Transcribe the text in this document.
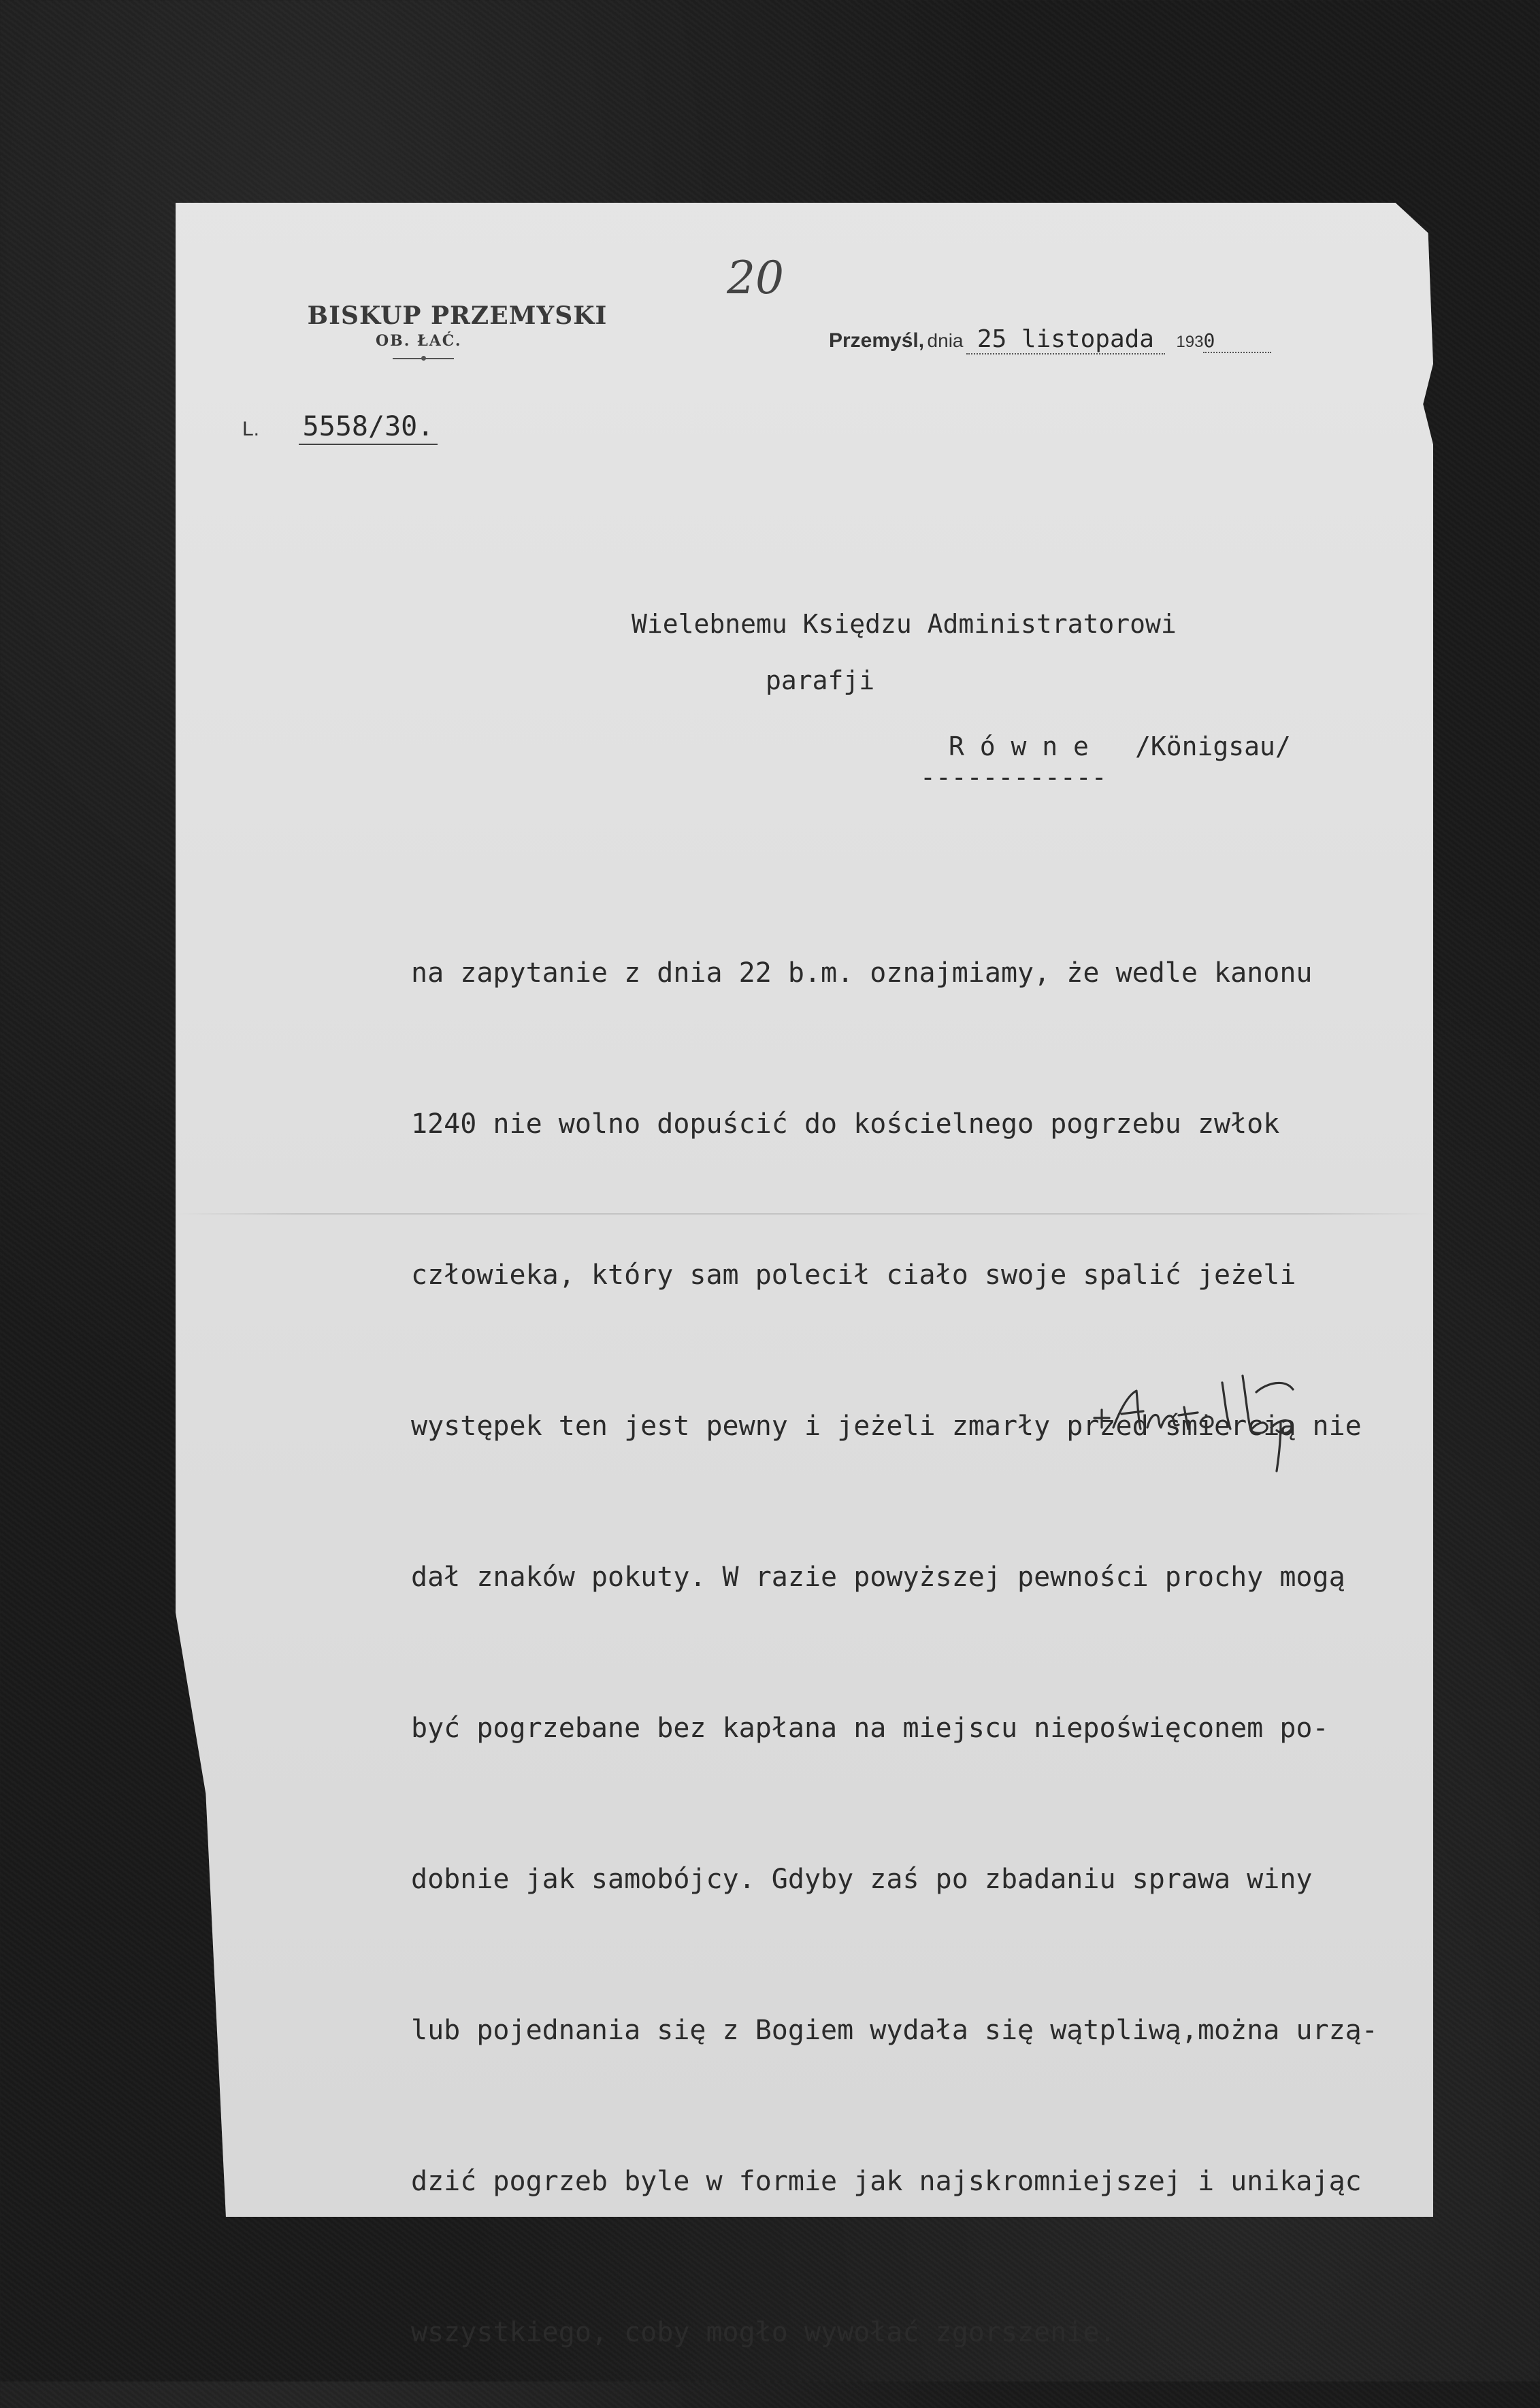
BISKUP PRZEMYSKI
OB. ŁAĆ.
20
Przemyśl, dnia 25 listopada 1930
L. 5558/30.
Wielebnemu Księdzu Administratorowi
parafji
R ó w n e /Königsau/
------------

na zapytanie z dnia 22 b.m. oznajmiamy, że wedle kanonu

1240 nie wolno dopuścić do kościelnego pogrzebu zwłok

człowieka, który sam polecił ciało swoje spalić jeżeli

występek ten jest pewny i jeżeli zmarły przed śmiercią nie

dał znaków pokuty. W razie powyższej pewności prochy mogą

być pogrzebane bez kapłana na miejscu niepoświęconem po-

dobnie jak samobójcy. Gdyby zaś po zbadaniu sprawa winy

lub pojednania się z Bogiem wydała się wątpliwą,można urzą-

dzić pogrzeb byle w formie jak najskromniejszej i unikając

wszystkiego, coby mogło wywołać zgorszenie.
